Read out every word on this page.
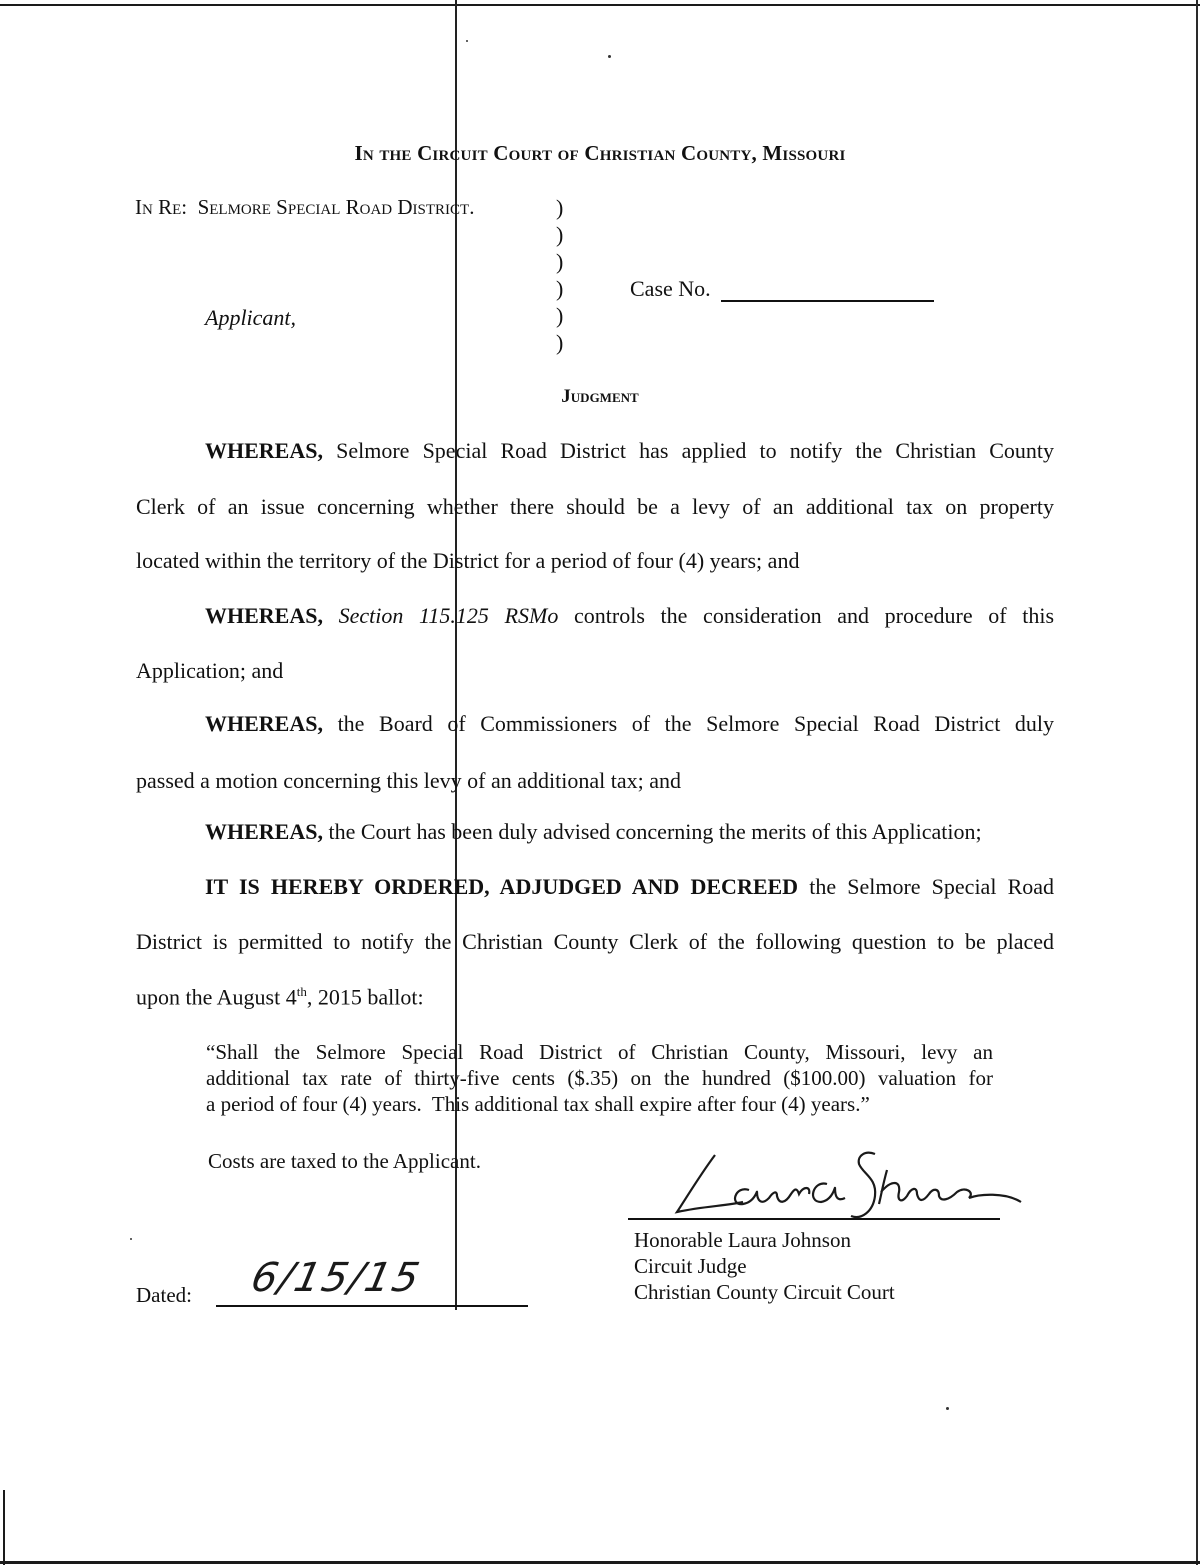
In the Circuit Court of Christian County, Missouri
In Re: Selmore Special Road District.	)
)
)
)
)
)
Case No.
Applicant,
Judgment
WHEREAS, Selmore Special Road District has applied to notify the Christian County
Clerk of an issue concerning whether there should be a levy of an additional tax on property
located within the territory of the District for a period of four (4) years; and
WHEREAS, Section 115.125 RSMo controls the consideration and procedure of this
Application; and
WHEREAS, the Board of Commissioners of the Selmore Special Road District duly
passed a motion concerning this levy of an additional tax; and
WHEREAS, the Court has been duly advised concerning the merits of this Application;
IT IS HEREBY ORDERED, ADJUDGED AND DECREED the Selmore Special Road
District is permitted to notify the Christian County Clerk of the following question to be placed
upon the August 4th, 2015 ballot:
“Shall the Selmore Special Road District of Christian County, Missouri, levy an
additional tax rate of thirty-five cents ($.35) on the hundred ($100.00) valuation for
a period of four (4) years.  This additional tax shall expire after four (4) years.”
Costs are taxed to the Applicant.
Honorable Laura Johnson
Circuit Judge
Christian County Circuit Court
Dated: 6/15/15
